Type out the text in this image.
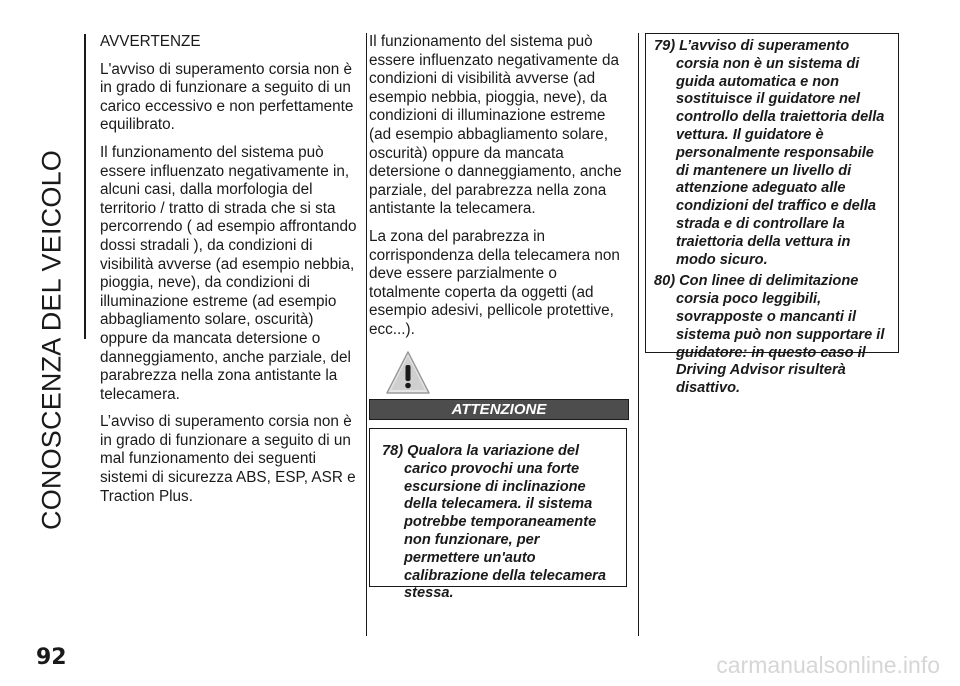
CONOSCENZA DEL VEICOLO

AVVERTENZE

L'avviso di superamento corsia non è in grado di funzionare a seguito di un carico eccessivo e non perfettamente equilibrato.

Il funzionamento del sistema può essere influenzato negativamente in, alcuni casi, dalla morfologia del territorio / tratto di strada che si sta percorrendo ( ad esempio affrontando dossi stradali ), da condizioni di visibilità avverse (ad esempio nebbia, pioggia, neve), da condizioni di illuminazione estreme (ad esempio abbagliamento solare, oscurità) oppure da mancata detersione o danneggiamento, anche parziale, del parabrezza nella zona antistante la telecamera.

L’avviso di superamento corsia non è in grado di funzionare a seguito di un mal funzionamento dei seguenti sistemi di sicurezza ABS, ESP, ASR e Traction Plus.

Il funzionamento del sistema può essere influenzato negativamente da condizioni di visibilità avverse (ad esempio nebbia, pioggia, neve), da condizioni di illuminazione estreme (ad esempio abbagliamento solare, oscurità) oppure da mancata detersione o danneggiamento, anche parziale, del parabrezza nella zona antistante la telecamera.

La zona del parabrezza in corrispondenza della telecamera non deve essere parzialmente o totalmente coperta da oggetti (ad esempio adesivi, pellicole protettive, ecc...).

ATTENZIONE
78) Qualora la variazione del carico provochi una forte escursione di inclinazione della telecamera. il sistema potrebbe temporaneamente non funzionare, per permettere un'auto calibrazione della telecamera stessa.
79) L’avviso di superamento corsia non è un sistema di guida automatica e non sostituisce il guidatore nel controllo della traiettoria della vettura. Il guidatore è personalmente responsabile di mantenere un livello di attenzione adeguato alle condizioni del traffico e della strada e di controllare la traiettoria della vettura in modo sicuro.
80) Con linee di delimitazione corsia poco leggibili, sovrapposte o mancanti il sistema può non supportare il guidatore: in questo caso il Driving Advisor risulterà disattivo.
92	carmanualsonline.info
